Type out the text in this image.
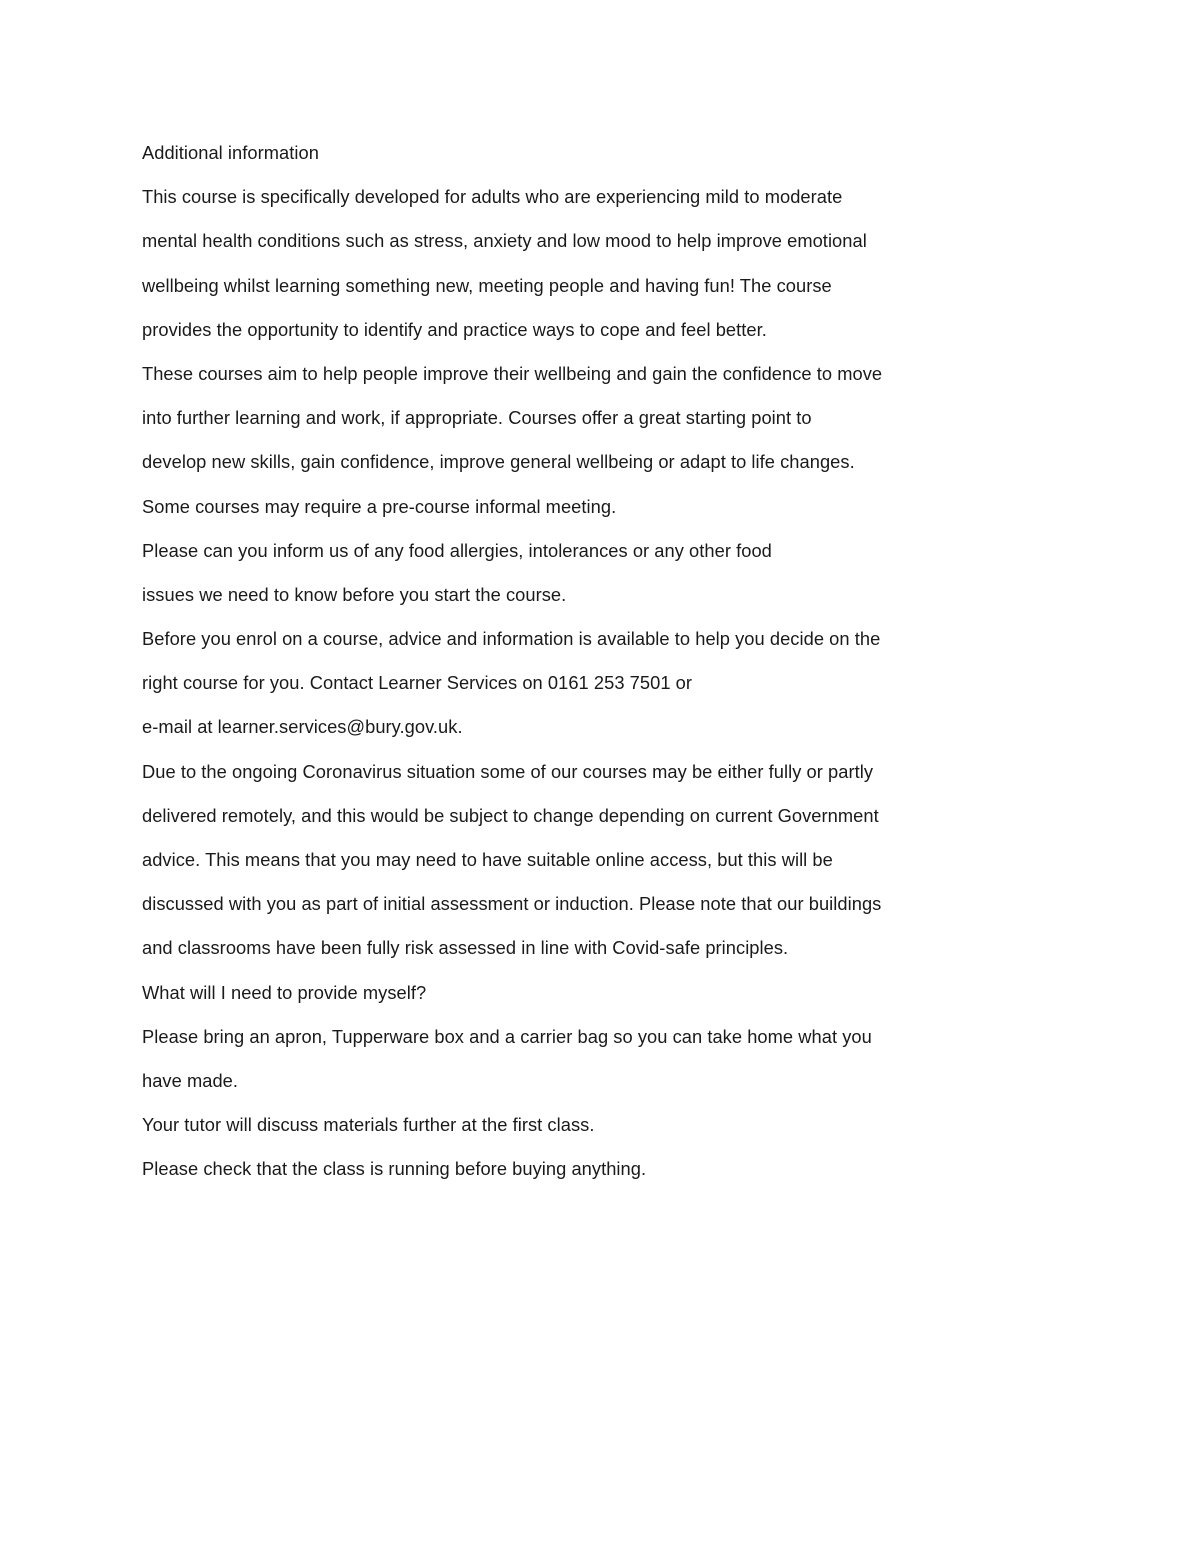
Additional information
This course is specifically developed for adults who are experiencing mild to moderate
mental health conditions such as stress, anxiety and low mood to help improve emotional
wellbeing whilst learning something new, meeting people and having fun! The course
provides the opportunity to identify and practice ways to cope and feel better.
These courses aim to help people improve their wellbeing and gain the confidence to move
into further learning and work, if appropriate. Courses offer a great starting point to
develop new skills, gain confidence, improve general wellbeing or adapt to life changes.
Some courses may require a pre-course informal meeting.
Please can you inform us of any food allergies, intolerances or any other food
issues we need to know before you start the course.
Before you enrol on a course, advice and information is available to help you decide on the
right course for you. Contact Learner Services on 0161 253 7501 or
e-mail at learner.services@bury.gov.uk.
Due to the ongoing Coronavirus situation some of our courses may be either fully or partly
delivered remotely, and this would be subject to change depending on current Government
advice. This means that you may need to have suitable online access, but this will be
discussed with you as part of initial assessment or induction. Please note that our buildings
and classrooms have been fully risk assessed in line with Covid-safe principles.
What will I need to provide myself?
Please bring an apron, Tupperware box and a carrier bag so you can take home what you
have made.
Your tutor will discuss materials further at the first class.
Please check that the class is running before buying anything.
